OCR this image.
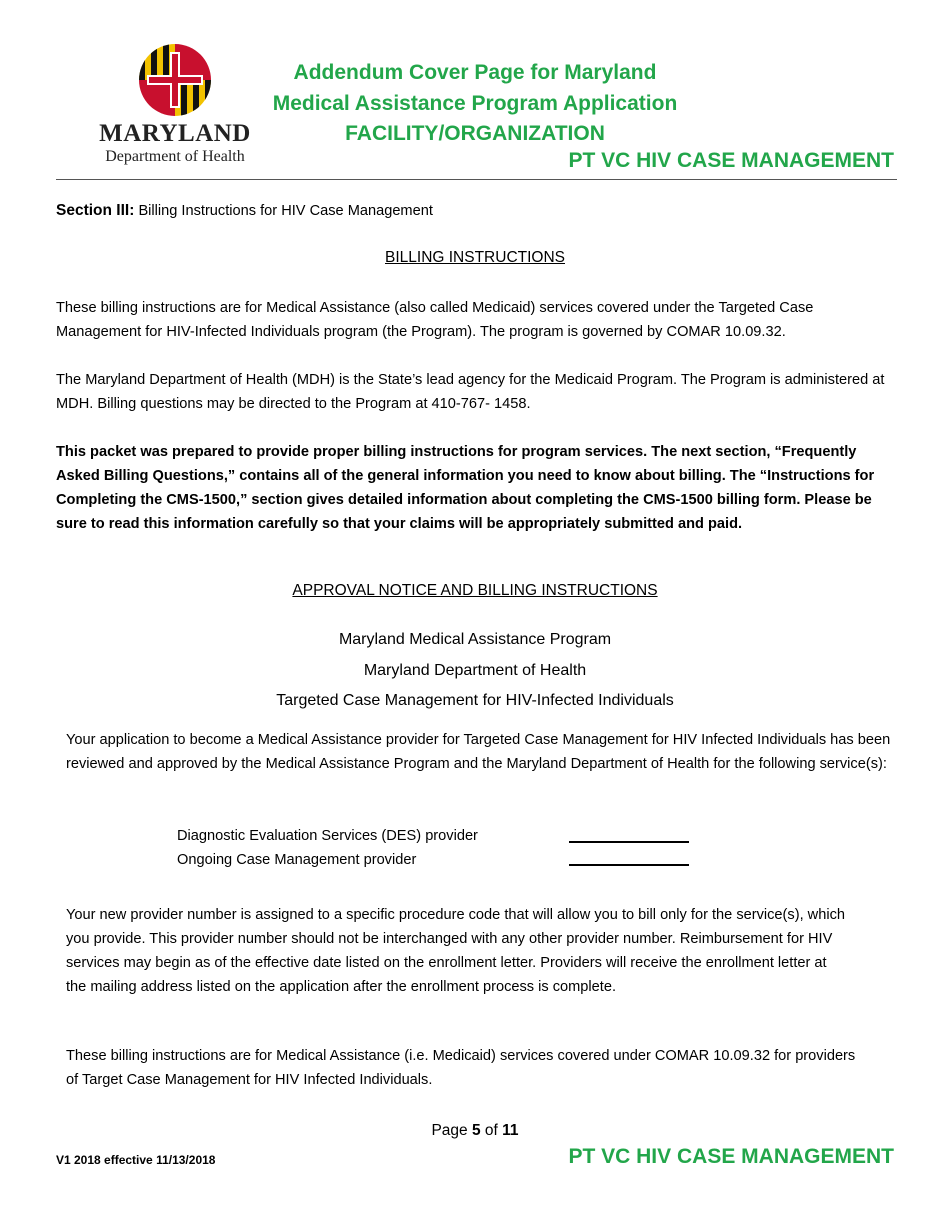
MARYLAND
Department of Health
Addendum Cover Page for Maryland
Medical Assistance Program Application
FACILITY/ORGANIZATION
PT VC HIV CASE MANAGEMENT
Section III: Billing Instructions for HIV Case Management
BILLING INSTRUCTIONS
These billing instructions are for Medical Assistance (also called Medicaid) services covered under the Targeted Case Management for HIV-Infected Individuals program (the Program). The program is governed by COMAR 10.09.32.
The Maryland Department of Health (MDH) is the State’s lead agency for the Medicaid Program. The Program is administered at MDH. Billing questions may be directed to the Program at 410-767- 1458.
This packet was prepared to provide proper billing instructions for program services. The next section, “Frequently Asked Billing Questions,” contains all of the general information you need to know about billing. The “Instructions for Completing the CMS-1500,” section gives detailed information about completing the CMS-1500 billing form. Please be sure to read this information carefully so that your claims will be appropriately submitted and paid.
APPROVAL NOTICE AND BILLING INSTRUCTIONS
Maryland Medical Assistance Program
Maryland Department of Health
Targeted Case Management for HIV-Infected Individuals
Your application to become a Medical Assistance provider for Targeted Case Management for HIV Infected Individuals has been reviewed and approved by the Medical Assistance Program and the Maryland Department of Health for the following service(s):
Diagnostic Evaluation Services (DES) provider
Ongoing Case Management provider
Your new provider number is assigned to a specific procedure code that will allow you to bill only for the service(s), which you provide. This provider number should not be interchanged with any other provider number. Reimbursement for HIV services may begin as of the effective date listed on the enrollment letter. Providers will receive the enrollment letter at the mailing address listed on the application after the enrollment process is complete.
These billing instructions are for Medical Assistance (i.e. Medicaid) services covered under COMAR 10.09.32 for providers of Target Case Management for HIV Infected Individuals.
Page 5 of 11
V1 2018 effective 11/13/2018	PT VC HIV CASE MANAGEMENT
